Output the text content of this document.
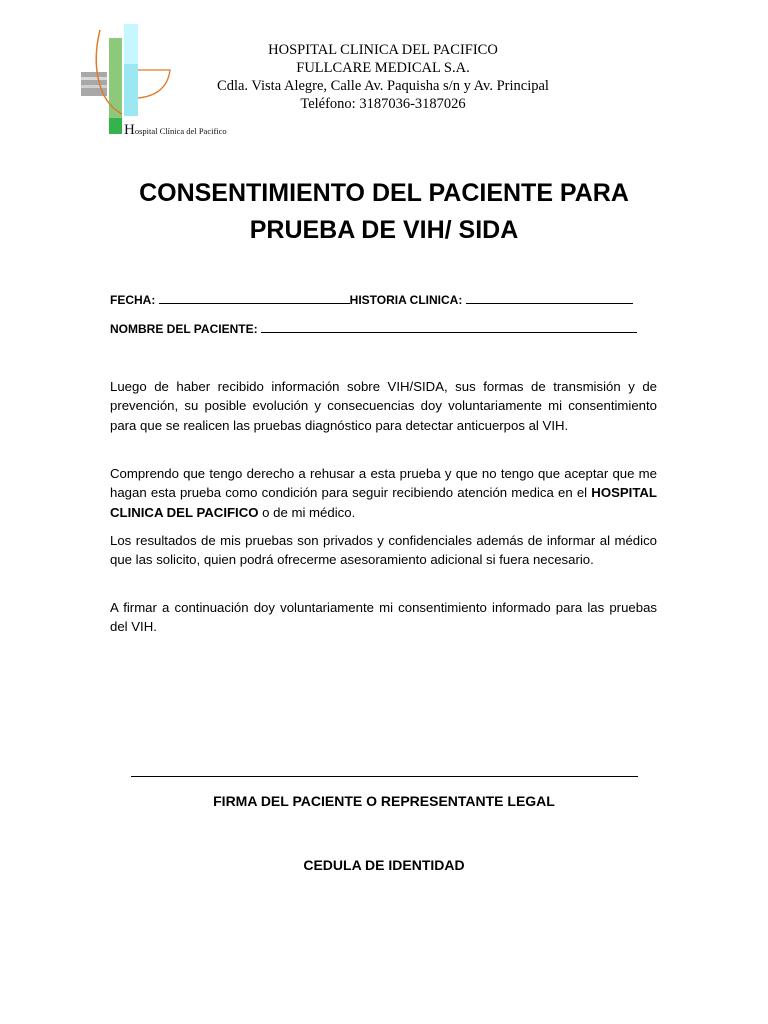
Hospital Clínica del Pacifico
HOSPITAL CLINICA DEL PACIFICO
FULLCARE MEDICAL S.A.
Cdla. Vista Alegre, Calle Av. Paquisha s/n y Av. Principal
Teléfono: 3187036-3187026
CONSENTIMIENTO DEL PACIENTE PARA
PRUEBA DE VIH/ SIDA
FECHA:	HISTORIA CLINICA:
NOMBRE DEL PACIENTE:

Luego de haber recibido información sobre VIH/SIDA, sus formas de transmisión y de prevención, su posible evolución y consecuencias doy voluntariamente mi consentimiento para que se realicen las pruebas diagnóstico para detectar anticuerpos al VIH.

Comprendo que tengo derecho a rehusar a esta prueba y que no tengo que aceptar que me hagan esta prueba como condición para seguir recibiendo atención medica en el HOSPITAL CLINICA DEL PACIFICO o de mi médico.

Los resultados de mis pruebas son privados y confidenciales además de informar al médico que las solicito, quien podrá ofrecerme asesoramiento adicional si fuera necesario.

A firmar a continuación doy voluntariamente mi consentimiento informado para las pruebas del VIH.

FIRMA DEL PACIENTE O REPRESENTANTE LEGAL
CEDULA DE IDENTIDAD
